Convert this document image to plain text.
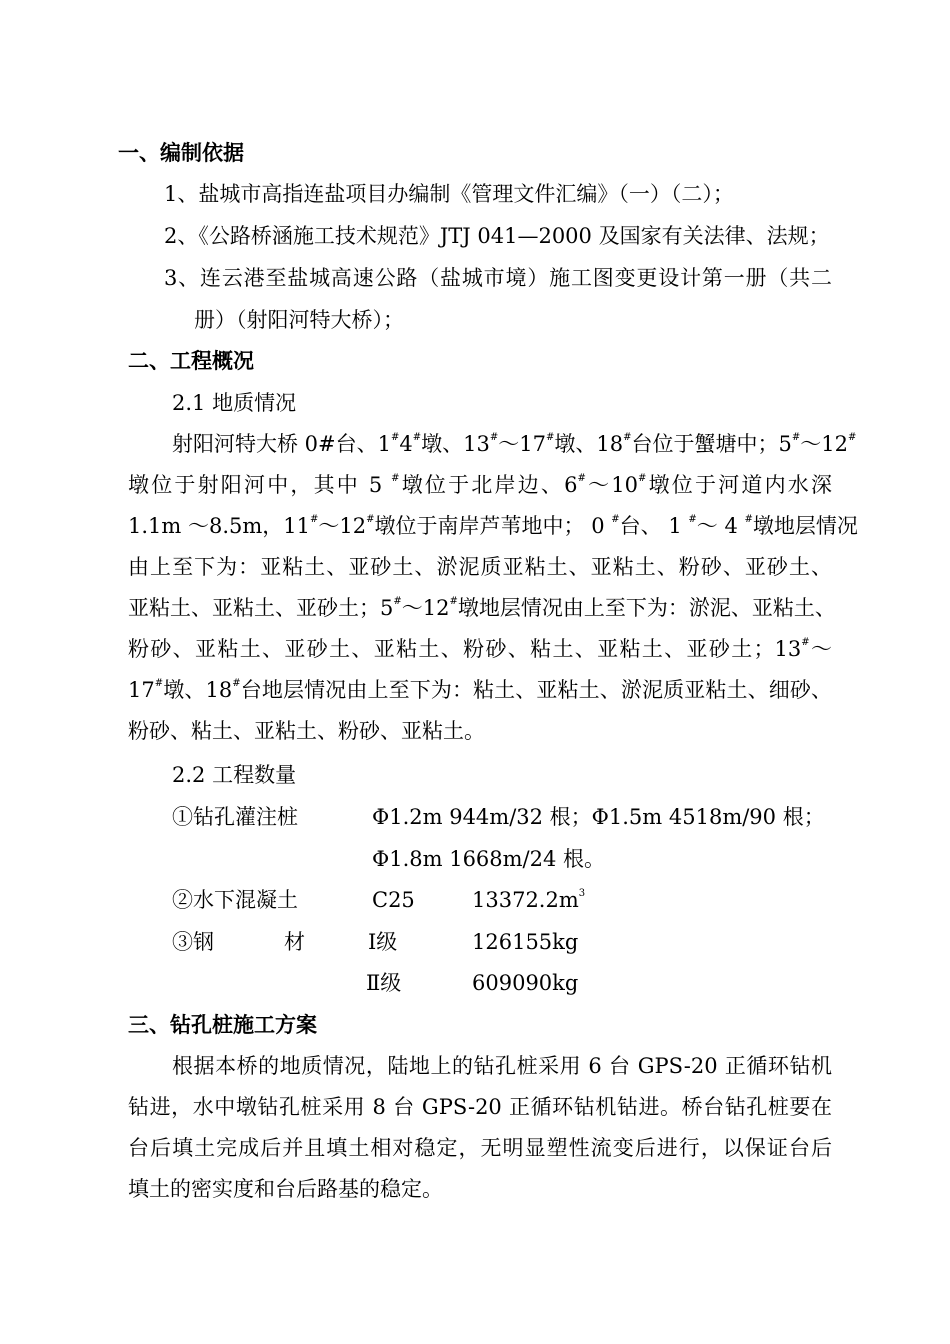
一、编制依据
1、盐城市高指连盐项目办编制《管理文件汇编》（一）（二）；
2、《公路桥涵施工技术规范》JTJ 041—2000 及国家有关法律、法规；
3、连云港至盐城高速公路（盐城市境）施工图变更设计第一册（共二
册）（射阳河特大桥）；
二、工程概况
2.1 地质情况
射阳河特大桥 0#台、1#4#墩、13#～17#墩、18#台位于蟹塘中；5#～12#
墩位于射阳河中，其中 5 #墩位于北岸边、6#～10#墩位于河道内水深
1.1m ～8.5m，11#～12#墩位于南岸芦苇地中； 0 #台、 1 #～ 4 #墩地层情况
由上至下为：亚粘土、亚砂土、淤泥质亚粘土、亚粘土、粉砂、亚砂土、
亚粘土、亚粘土、亚砂土；5#～12#墩地层情况由上至下为：淤泥、亚粘土、
粉砂、亚粘土、亚砂土、亚粘土、粉砂、粘土、亚粘土、亚砂土；13#～
17#墩、18#台地层情况由上至下为：粘土、亚粘土、淤泥质亚粘土、细砂、
粉砂、粘土、亚粘土、粉砂、亚粘土。
2.2 工程数量
①钻孔灌注桩	Φ1.2m 944m/32 根；Φ1.5m 4518m/90 根；
Φ1.8m 1668m/24 根。
②水下混凝土	C25	$13372.2m^3$
③钢	材	Ⅰ级	126155kg
Ⅱ级	609090kg
三、钻孔桩施工方案
根据本桥的地质情况，陆地上的钻孔桩采用 6 台 GPS-20 正循环钻机
钻进，水中墩钻孔桩采用 8 台 GPS-20 正循环钻机钻进。桥台钻孔桩要在
台后填土完成后并且填土相对稳定，无明显塑性流变后进行，以保证台后
填土的密实度和台后路基的稳定。
